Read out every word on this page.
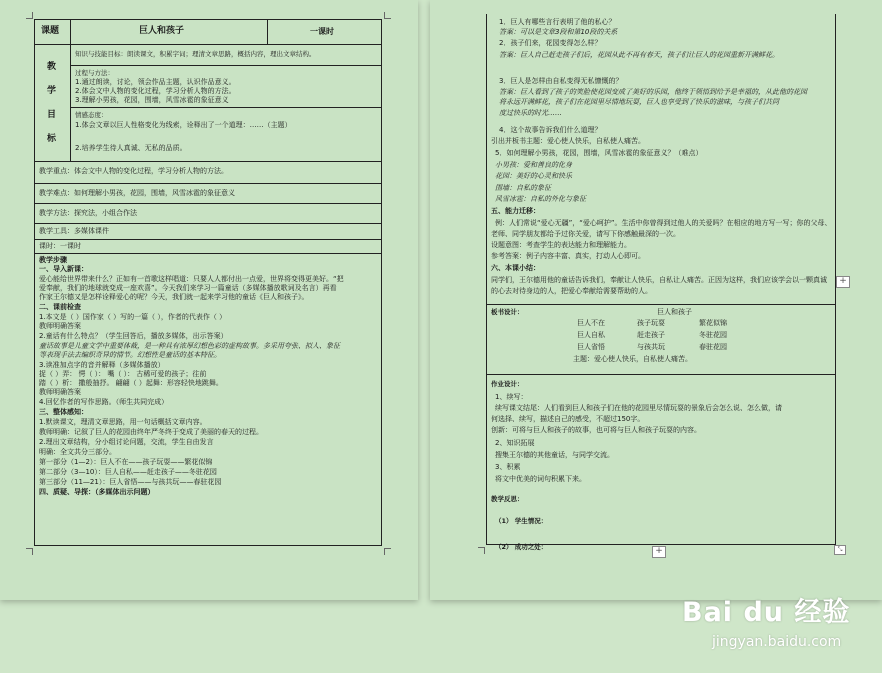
课题	巨人和孩子	一课时
教
学
目
标
知识与技能目标：朗读课文，积累字词；理清文章思路，概括内容，理出文章结构。
过程与方法：
1.通过朗读，讨论，领会作品主题，认识作品意义。
2.体会文中人物的变化过程，学习分析人物的方法。
3.理解小男孩，花园，围墙，风雪冰雹的象征意义
情感态度：
1.体会文章以巨人性格变化为线索，诠释出了一个道理：……（主题）
2.培养学生待人真诚、无私的品质。
教学重点：体会文中人物的变化过程，学习分析人物的方法。
教学难点：如何理解小男孩，花园，围墙，风雪冰雹的象征意义
教学方法：探究法，小组合作法
教学工具：多媒体课件
课时：一课时
教学步骤
一、导入新课：
爱心能给世界带来什么？正如有一首歌这样唱道：只要人人都付出一点爱，世界将变得更美好。“把
爱奉献，我们的地球就变成一座欢喜”。今天我们来学习一篇童话（多媒体播放歌词及名言）再看
作家王尔德又是怎样诠释爱心的呢？今天，我们就一起来学习他的童话《巨人和孩子》。
二、课前检查
1.本文是（ ）国作家（ ）写的一篇（ ），作者的代表作（ ）
教师明确答案
2.童话有什么特点？（学生回答后，播放多媒体，出示答案）
童话故事是儿童文学中重要体裁，是一种具有浓厚幻想色彩的虚构故事。多采用夸张、拟人、象征
等表现手法去编织奇异的情节。幻想性是童话的基本特征。
3.读准加点字的音并解释（多媒体播放）
捉（ ）弄： 愕（ ）： 嘴（ ）： 古稀可爱的孩子；往前
踏（ ）析： 撒般抽抒。 翩翩（ ）起舞：形容轻快地跳舞。
教师明确答案
4.回忆作者的写作思路。（师生共同完成）
三、整体感知：
1.默读课文，理清文章思路，用一句话概括文章内容。
教师明确：记叙了巨人的花园由终年严冬终于变成了美丽的春天的过程。
2.理出文章结构，分小组讨论问题，交流，学生自由发言
明确：全文共分三部分。
第一部分（1—2）：巨人不在——孩子玩耍——繁花似锦
第二部分（3—10）：巨人自私——赶走孩子——冬驻花园
第三部分（11—21）：巨人省悟——与孩共玩——春驻花园
四、质疑、导探：（多媒体出示问题）
1．巨人有哪些言行表明了他的私心？
答案：可以是文章3段和第10段的关系
2．孩子们来，花园变得怎么样？
答案：巨人自己赶走孩子们后，花园从此不再有春天，孩子们让巨人的花园重新开满鲜花。
3．巨人是怎样由自私变得无私慷慨的？
答案：巨人看到了孩子的笑脸使花园变成了美好的乐园，他终于领悟到给予是幸福的，从此他的花园
将永远开满鲜花，孩子们在花园里尽情地玩耍，巨人也享受到了快乐的滋味，与孩子们共同
度过快乐的时光……
4．这个故事告诉我们什么道理？
引出并板书主题：爱心使人快乐，自私使人痛苦。
5．如何理解小男孩，花园，围墙，风雪冰雹的象征意义？（难点）
小男孩：爱和善良的化身
花园：美好的心灵和快乐
围墙：自私的象征
风雪冰雹：自私的外化与象征
五、能力迁移：
例：人们常说“爱心无疆”，“爱心呵护”。生活中你曾得到过他人的关爱吗？在相应的地方写一写；你的父母、
老师、同学朋友都给予过你关爱，请写下你感触最深的一次。
设题意图：考查学生的表达能力和理解能力。
参考答案：例子内容丰富、真实，打动人心即可。
六、本课小结：
同学们，王尔德用他的童话告诉我们，奉献让人快乐，自私让人痛苦。正因为这样，我们应该学会以一颗真诚
的心去对待身边的人，把爱心奉献给需要帮助的人。
板书设计：	巨人和孩子
巨人不在	孩子玩耍	繁花似锦
巨人自私	赶走孩子	冬驻花园
巨人省悟	与孩共玩	春驻花园
主题：爱心使人快乐，自私使人痛苦。
作业设计：
1、续写：
续写课文结尾：人们看到巨人和孩子们在他的花园里尽情玩耍的景象后会怎么说、怎么做，请
何选择、续写，描述自己的感受，不超过150字。
创新：可将与巨人和孩子的故事，也可将与巨人和孩子玩耍的内容。
2、知识拓展
搜集王尔德的其他童话，与同学交流。
3、积累
将文中优美的词句积累下来。
教学反思：
（1） 学生情况：
（2） 成功之处：
+
+	⤡
Bai du 经验
jingyan.baidu.com
